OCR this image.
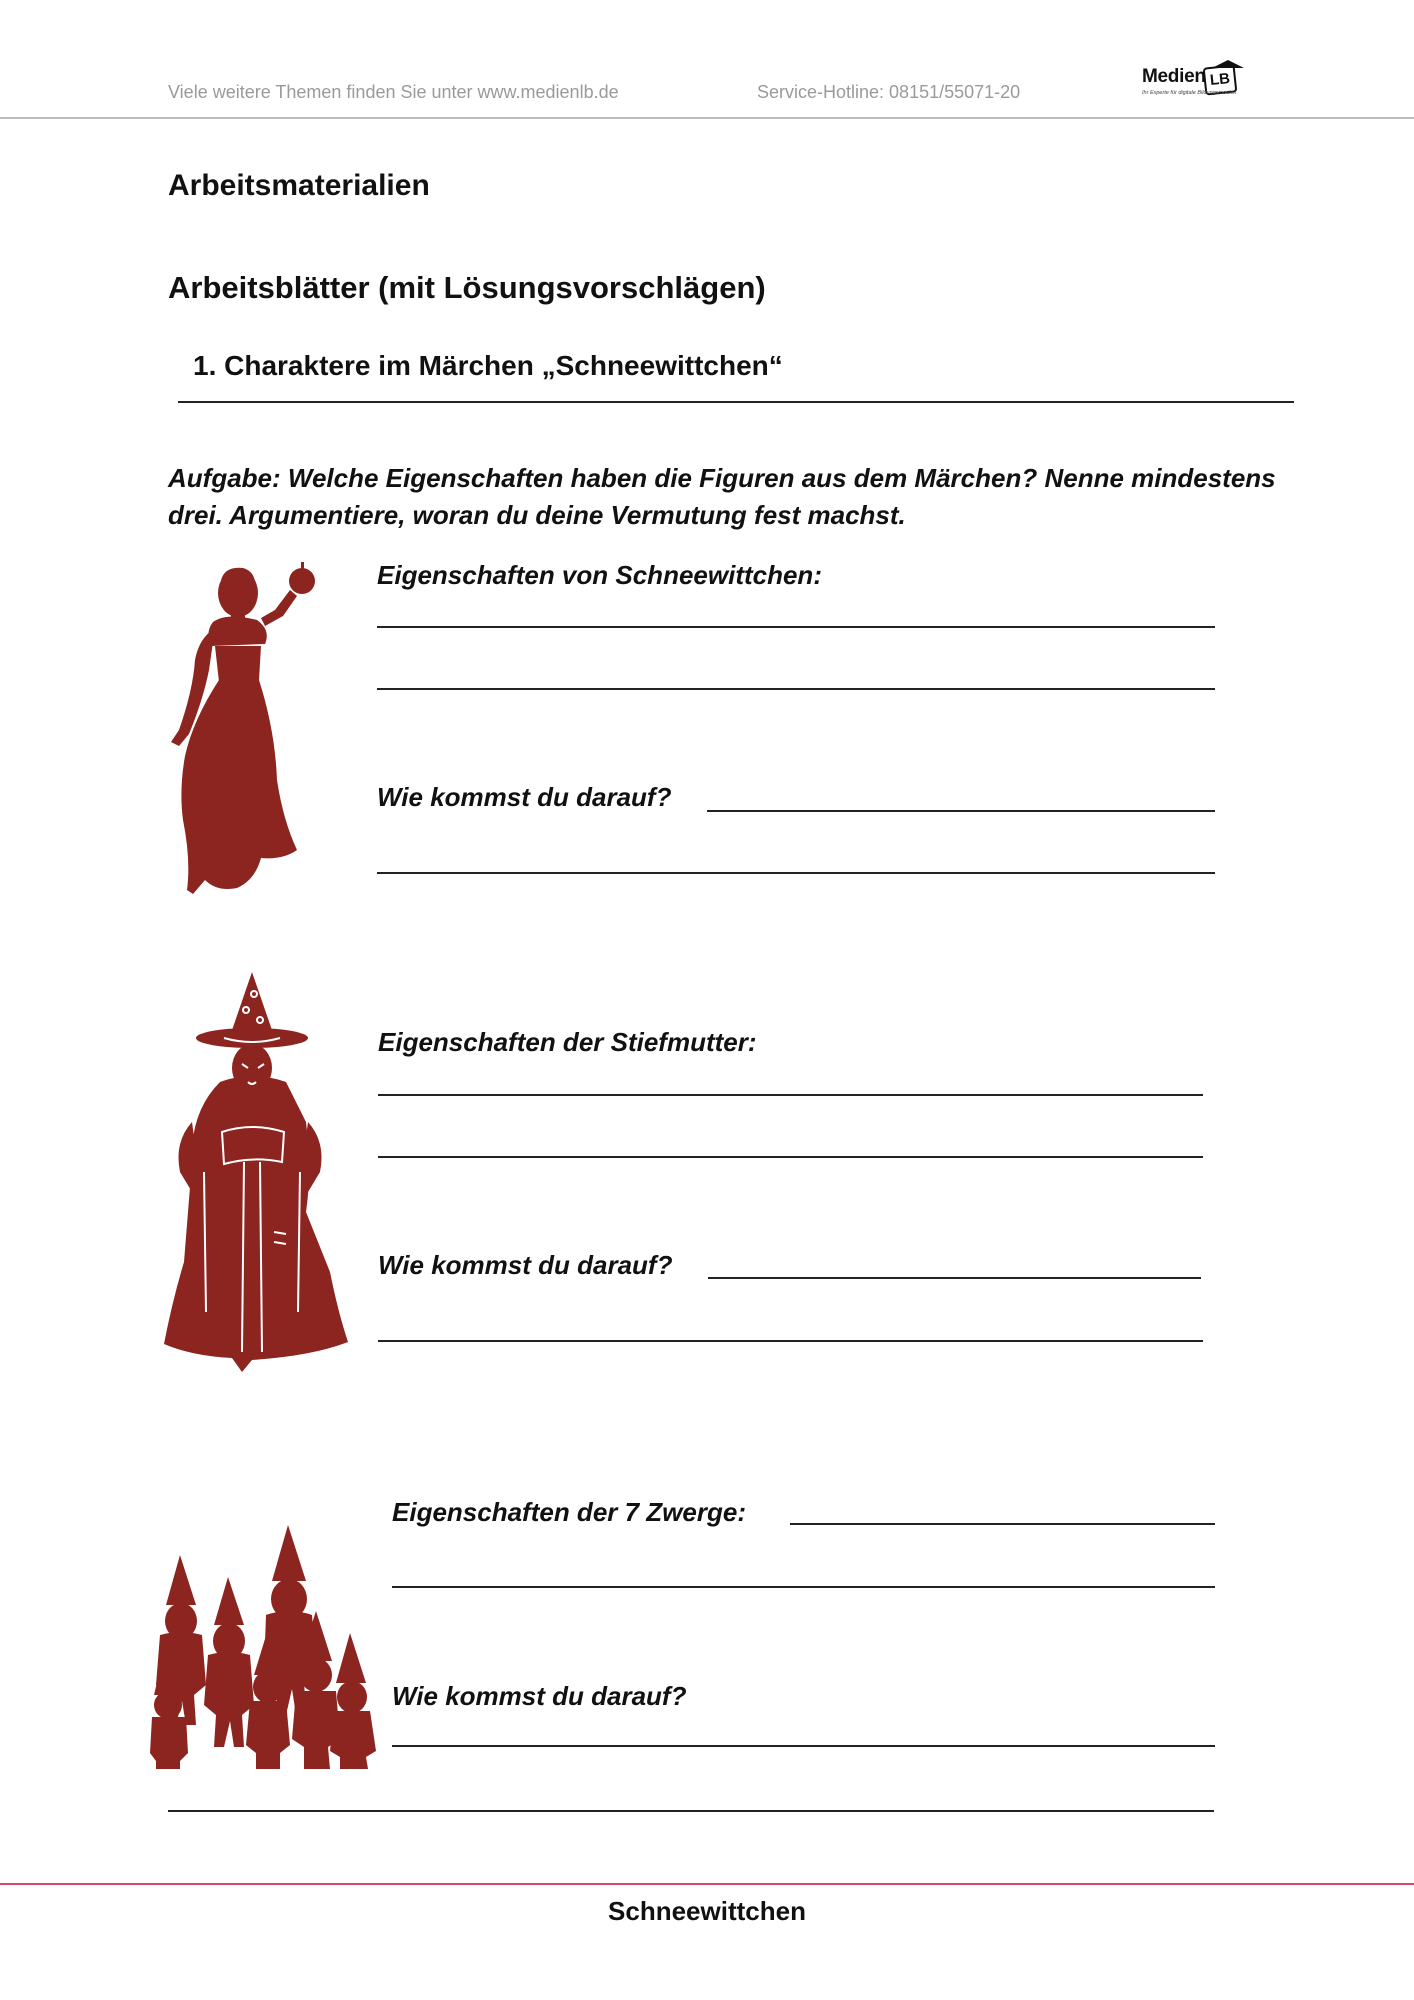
Viele weitere Themen finden Sie unter www.medienlb.de	Service-Hotline: 08151/55071-20
Medien LB
Ihr Experte für digitale Bildungsmedien
Arbeitsmaterialien
Arbeitsblätter (mit Lösungsvorschlägen)
1. Charaktere im Märchen „Schneewittchen“
Aufgabe: Welche Eigenschaften haben die Figuren aus dem Märchen? Nenne mindestens drei. Argumentiere, woran du deine Vermutung fest machst.
Eigenschaften von Schneewittchen:
Wie kommst du darauf?
Eigenschaften der Stiefmutter:
Wie kommst du darauf?
Eigenschaften der 7 Zwerge:
Wie kommst du darauf?
Schneewittchen
